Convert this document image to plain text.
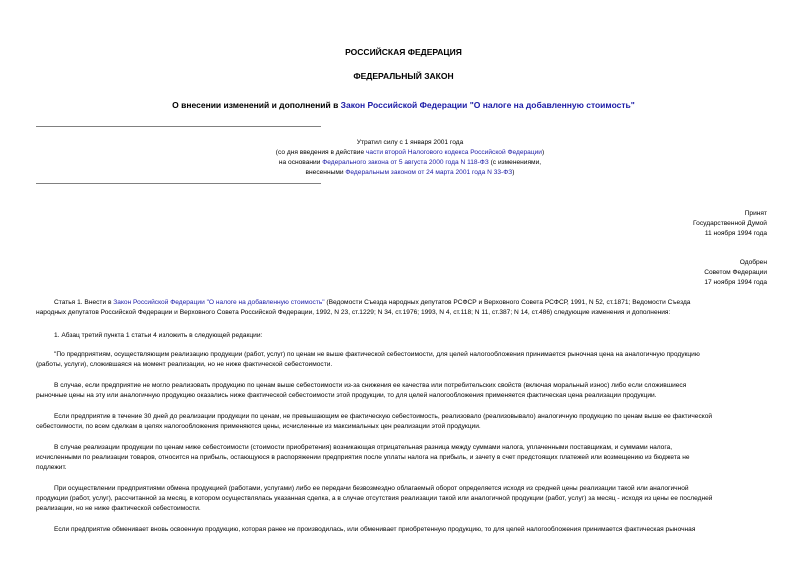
РОССИЙСКАЯ ФЕДЕРАЦИЯ
ФЕДЕРАЛЬНЫЙ ЗАКОН
О внесении изменений и дополнений в Закон Российской Федерации "О налоге на добавленную стоимость"
Утратил силу с 1 января 2001 года
(со дня введения в действие части второй Налогового кодекса Российской Федерации)
на основании Федерального закона от 5 августа 2000 года N 118-ФЗ (с изменениями,
внесенными Федеральным законом от 24 марта 2001 года N 33-ФЗ)
Принят
Государственной Думой
11 ноября 1994 года
Одобрен
Советом Федерации
17 ноября 1994 года
Статья 1. Внести в Закон Российской Федерации "О налоге на добавленную стоимость" (Ведомости Съезда народных депутатов РСФСР и Верховного Совета РСФСР, 1991, N 52, ст.1871; Ведомости Съезда
народных депутатов Российской Федерации и Верховного Совета Российской Федерации, 1992, N 23, ст.1229; N 34, ст.1976; 1993, N 4, ст.118; N 11, ст.387; N 14, ст.486) следующие изменения и дополнения:
1. Абзац третий пункта 1 статьи 4 изложить в следующей редакции:
"По предприятиям, осуществляющим реализацию продукции (работ, услуг) по ценам не выше фактической себестоимости, для целей налогообложения принимается рыночная цена на аналогичную продукцию
(работы, услуги), сложившаяся на момент реализации, но не ниже фактической себестоимости.
В случае, если предприятие не могло реализовать продукцию по ценам выше себестоимости из-за снижения ее качества или потребительских свойств (включая моральный износ) либо если сложившиеся
рыночные цены на эту или аналогичную продукцию оказались ниже фактической себестоимости этой продукции, то для целей налогообложения применяется фактическая цена реализации продукции.
Если предприятие в течение 30 дней до реализации продукции по ценам, не превышающим ее фактическую себестоимость, реализовало (реализовывало) аналогичную продукцию по ценам выше ее фактической
себестоимости, по всем сделкам в целях налогообложения применяются цены, исчисленные из максимальных цен реализации этой продукции.
В случае реализации продукции по ценам ниже себестоимости (стоимости приобретения) возникающая отрицательная разница между суммами налога, уплаченными поставщикам, и суммами налога,
исчисленными по реализации товаров, относится на прибыль, остающуюся в распоряжении предприятия после уплаты налога на прибыль, и зачету в счет предстоящих платежей или возмещению из бюджета не
подлежит.
При осуществлении предприятиями обмена продукцией (работами, услугами) либо ее передачи безвозмездно облагаемый оборот определяется исходя из средней цены реализации такой или аналогичной
продукции (работ, услуг), рассчитанной за месяц, в котором осуществлялась указанная сделка, а в случае отсутствия реализации такой или аналогичной продукции (работ, услуг) за месяц - исходя из цены ее последней
реализации, но не ниже фактической себестоимости.
Если предприятие обменивает вновь освоенную продукцию, которая ранее не производилась, или обменивает приобретенную продукцию, то для целей налогообложения принимается фактическая рыночная
